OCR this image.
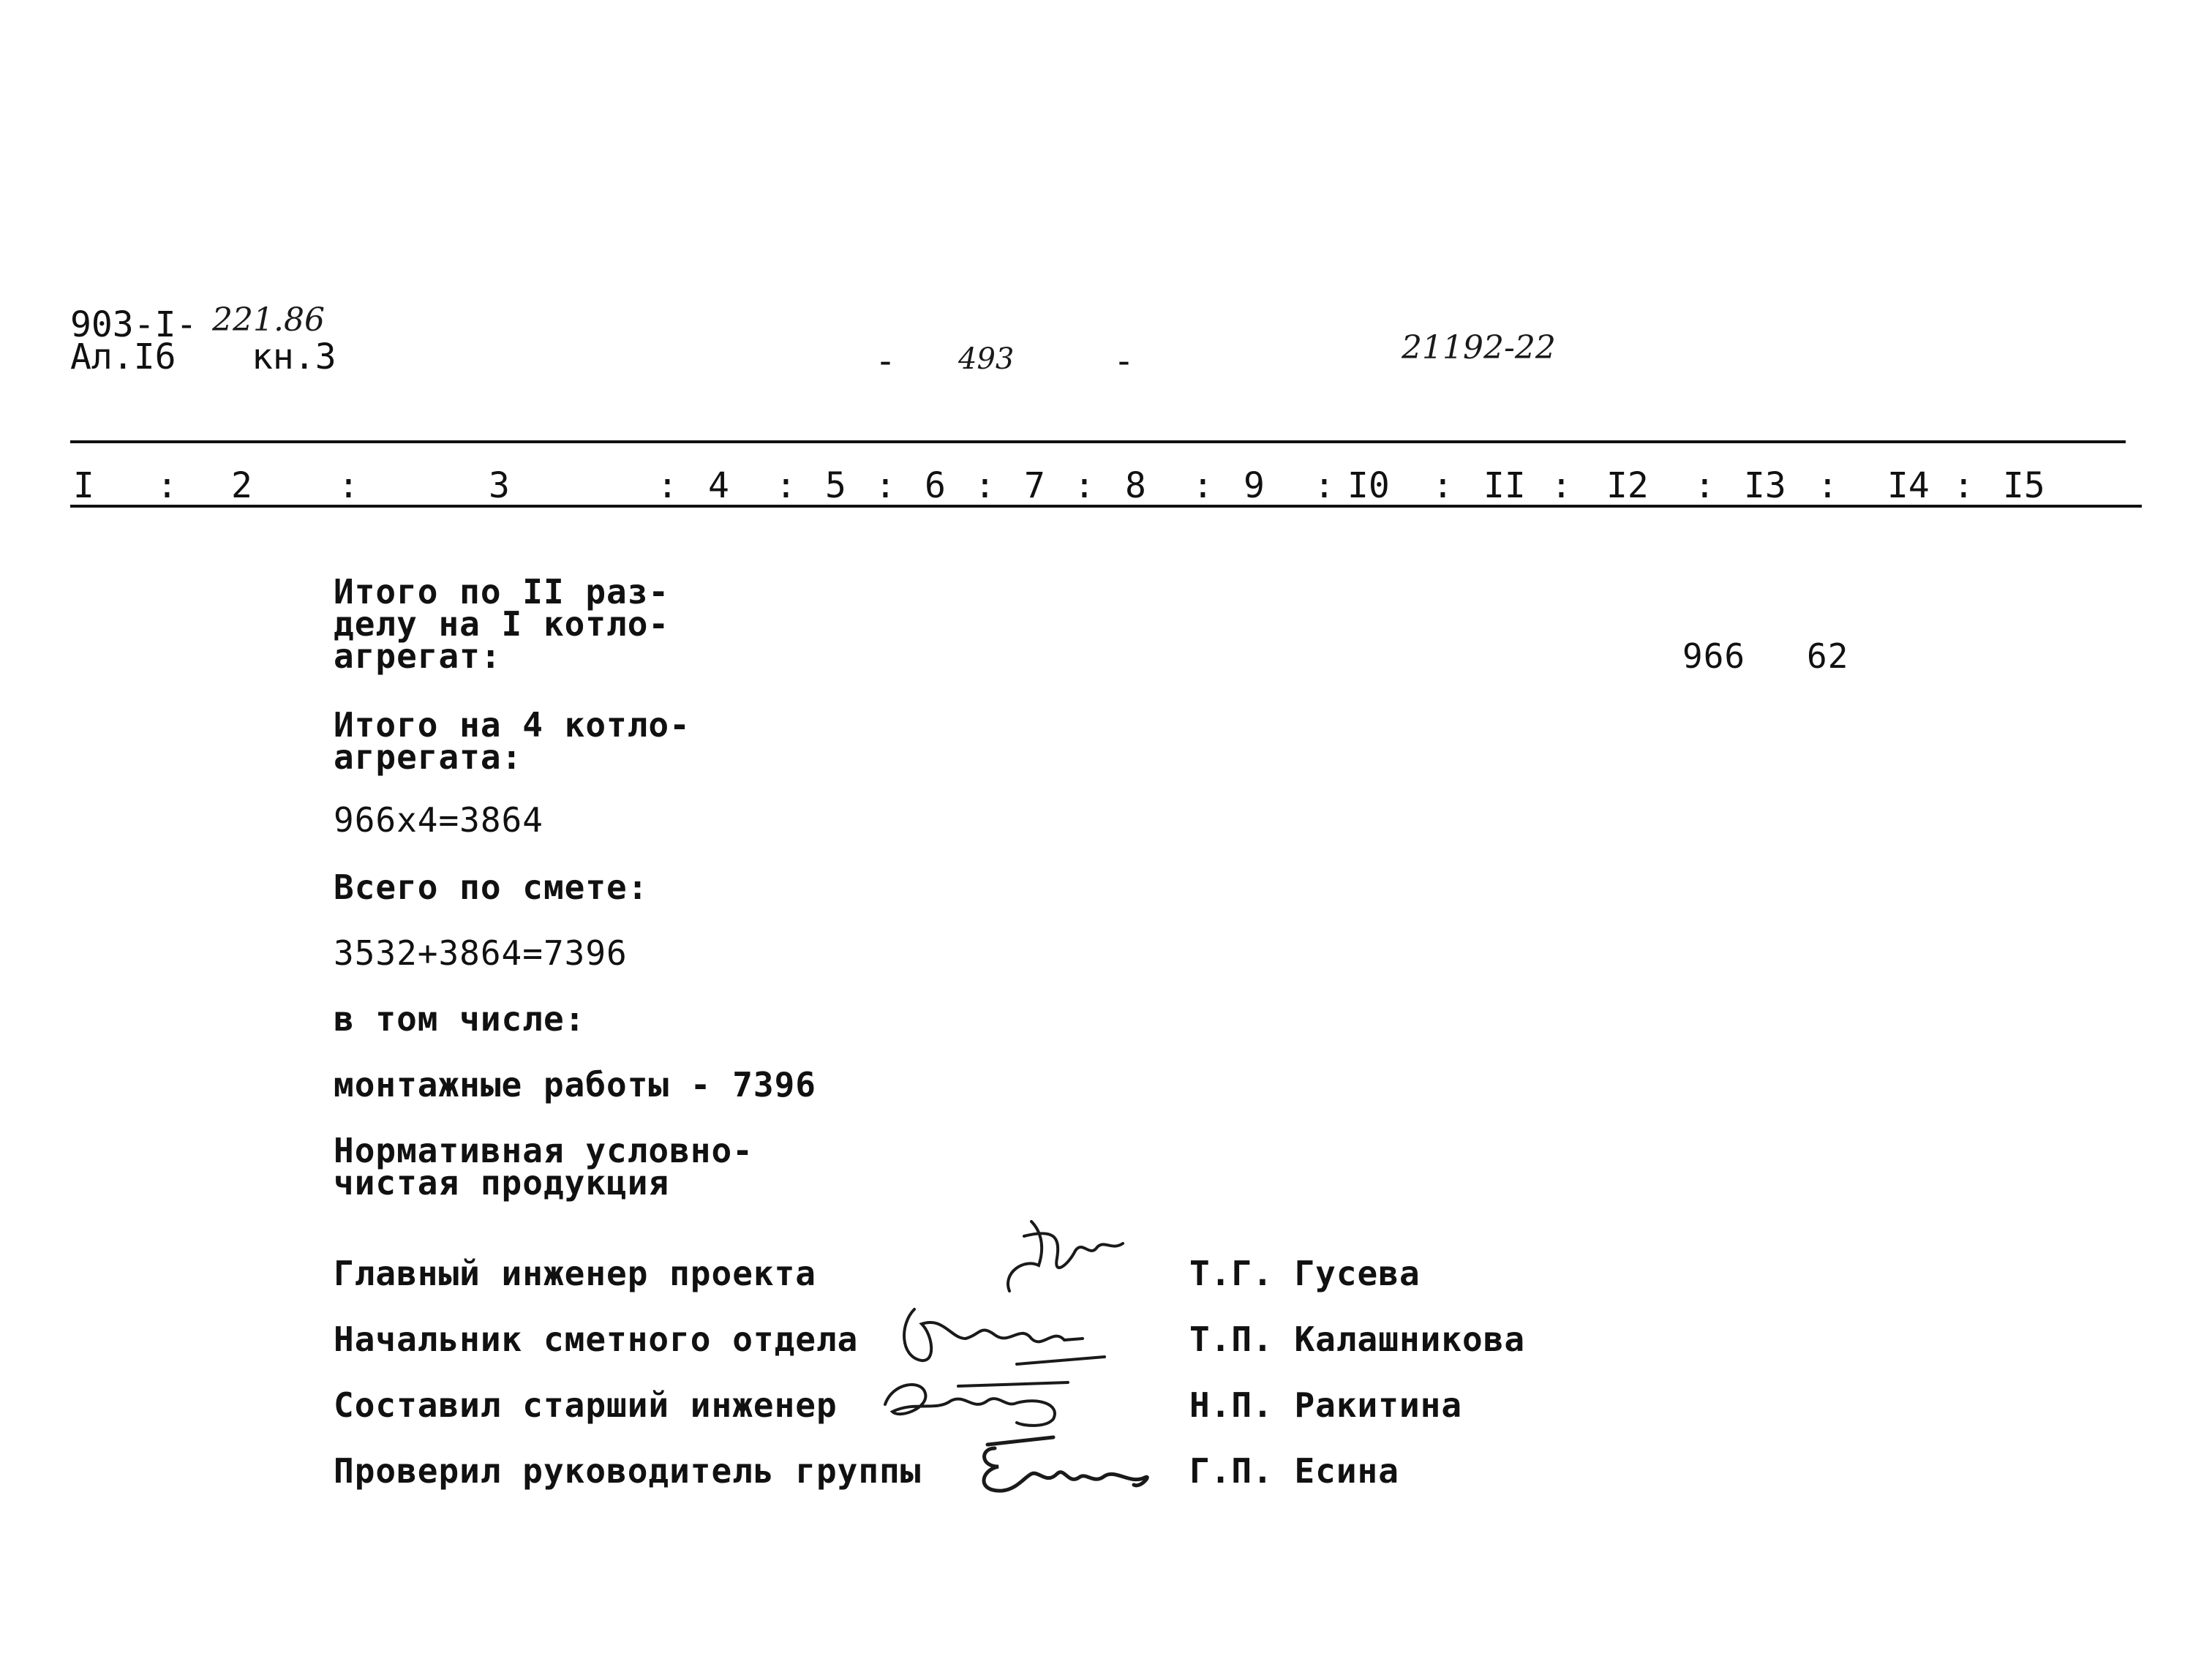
903-I- 221.86
Ал.I6 кн.3	- 493	-	21192-22
I : 2 :	3	: 4 : 5 : 6 : 7 : 8 : 9 : I0 : II : I2 : I3 : I4 : I5
Итого по II раз-
делу на I котло-
агрегат:	966 62
Итого на 4 котло-
агрегата:
966х4=3864
Всего по смете:
3532+3864=7396
в том числе:
монтажные работы - 7396
Нормативная условно-
чистая продукция
Главный инженер проекта	Т.Г. Гусева
Начальник сметного отдела	Т.П. Калашникова
Составил старший инженер	Н.П. Ракитина
Проверил руководитель группы	Г.П. Есина
